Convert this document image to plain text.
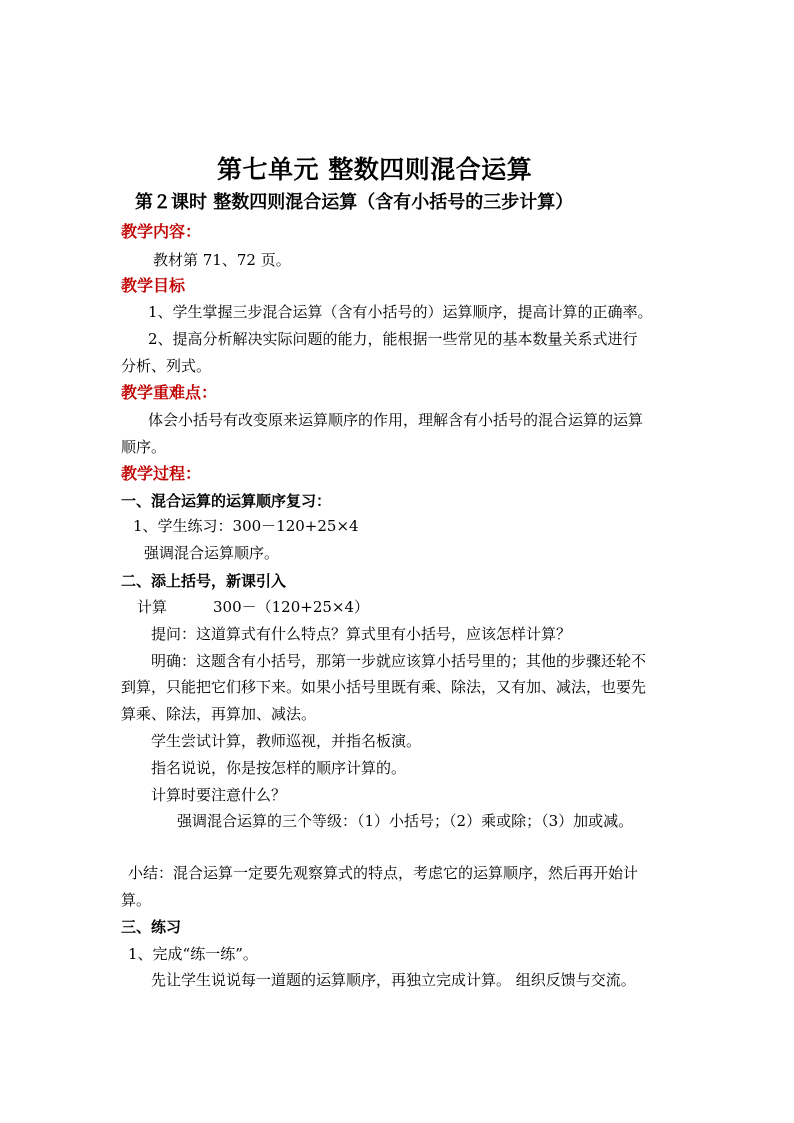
第七单元 整数四则混合运算
第２课时 整数四则混合运算（含有小括号的三步计算）
教学内容：
教材第 71、72 页。
教学目标
1、学生掌握三步混合运算（含有小括号的）运算顺序，提高计算的正确率。
2、提高分析解决实际问题的能力，能根据一些常见的基本数量关系式进行
分析、列式。
教学重难点：
体会小括号有改变原来运算顺序的作用，理解含有小括号的混合运算的运算
顺序。
教学过程：
一、混合运算的运算顺序复习：
1、学生练习：300－120+25×4
强调混合运算顺序。
二、添上括号，新课引入
计算	300－（120+25×4）
提问：这道算式有什么特点？算式里有小括号，应该怎样计算？
明确：这题含有小括号，那第一步就应该算小括号里的；其他的步骤还轮不
到算，只能把它们移下来。如果小括号里既有乘、除法，又有加、减法，也要先
算乘、除法，再算加、减法。
学生尝试计算，教师巡视，并指名板演。
指名说说，你是按怎样的顺序计算的。
计算时要注意什么？
强调混合运算的三个等级：（1）小括号；（2）乘或除；（3）加或减。
小结：混合运算一定要先观察算式的特点，考虑它的运算顺序，然后再开始计
算。
三、练习
1、完成“练一练”。
先让学生说说每一道题的运算顺序，再独立完成计算。 组织反馈与交流。
